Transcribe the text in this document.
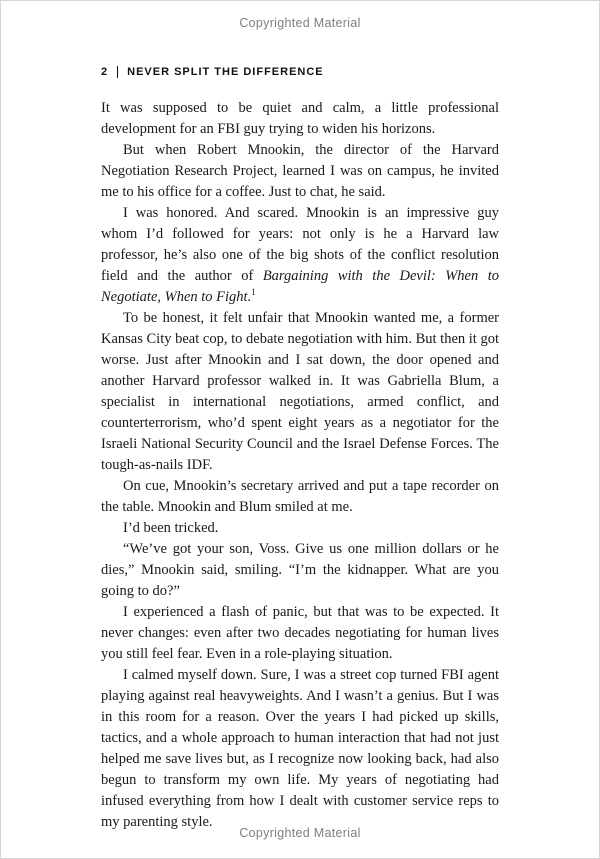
Copyrighted Material
2 NEVER SPLIT THE DIFFERENCE

It was supposed to be quiet and calm, a little professional development for an FBI guy trying to widen his horizons.

But when Robert Mnookin, the director of the Harvard Negotiation Research Project, learned I was on campus, he invited me to his office for a coffee. Just to chat, he said.

I was honored. And scared. Mnookin is an impressive guy whom I’d followed for years: not only is he a Harvard law professor, he’s also one of the big shots of the conflict resolution field and the author of Bargaining with the Devil: When to Negotiate, When to Fight.$^1$

To be honest, it felt unfair that Mnookin wanted me, a former Kansas City beat cop, to debate negotiation with him. But then it got worse. Just after Mnookin and I sat down, the door opened and another Harvard professor walked in. It was Gabriella Blum, a specialist in international negotiations, armed conflict, and counterterrorism, who’d spent eight years as a negotiator for the Israeli National Security Council and the Israel Defense Forces. The tough-as-nails IDF.

On cue, Mnookin’s secretary arrived and put a tape recorder on the table. Mnookin and Blum smiled at me.

I’d been tricked.

“We’ve got your son, Voss. Give us one million dollars or he dies,” Mnookin said, smiling. “I’m the kidnapper. What are you going to do?”

I experienced a flash of panic, but that was to be expected. It never changes: even after two decades negotiating for human lives you still feel fear. Even in a role-playing situation.

I calmed myself down. Sure, I was a street cop turned FBI agent playing against real heavyweights. And I wasn’t a genius. But I was in this room for a reason. Over the years I had picked up skills, tactics, and a whole approach to human interaction that had not just helped me save lives but, as I recognize now looking back, had also begun to transform my own life. My years of negotiating had infused everything from how I dealt with customer service reps to my parenting style.

Copyrighted Material
